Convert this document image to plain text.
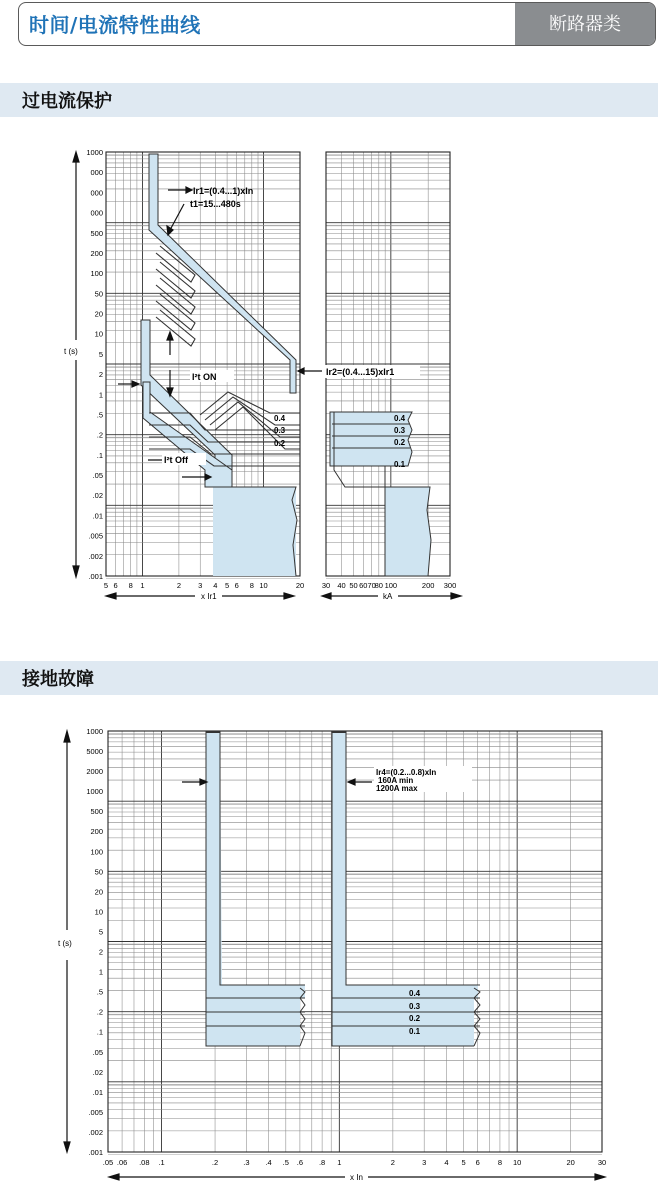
时间/电流特性曲线	断路器类
过电流保护
接地故障
1000
000
000
000
500
200
100
50
20
10
5
2
1
.5
.2
.1
.05
.02
.01
.005
.002
.001
5 6 8 1	2 3 4 5 6 8 10	20 30 40 50 60 70
80 100	200 300
Ir1=(0.4...1)xIn
t1=15...480s
I²t ON
I²t Off
Ir2=(0.4...15)xIr1
0.4
0.3
0.2
0.4
0.3
0.2
0.1
t (s)
x Ir1	kA
1000
5000
2000
1000
500
200
100
50
20
10
5
2
1
.5
.2
.1
.05
.02
.01
.005
.002
.001
.05 .06 .08 .1	.2	.3 .4 .5 .6 .8 1	2	3 4 5 6 8 10	20	30
Ir4=(0.2...0.8)xIn
160A min
1200A max
0.4
0.3
0.2
0.1
t (s)
x In
